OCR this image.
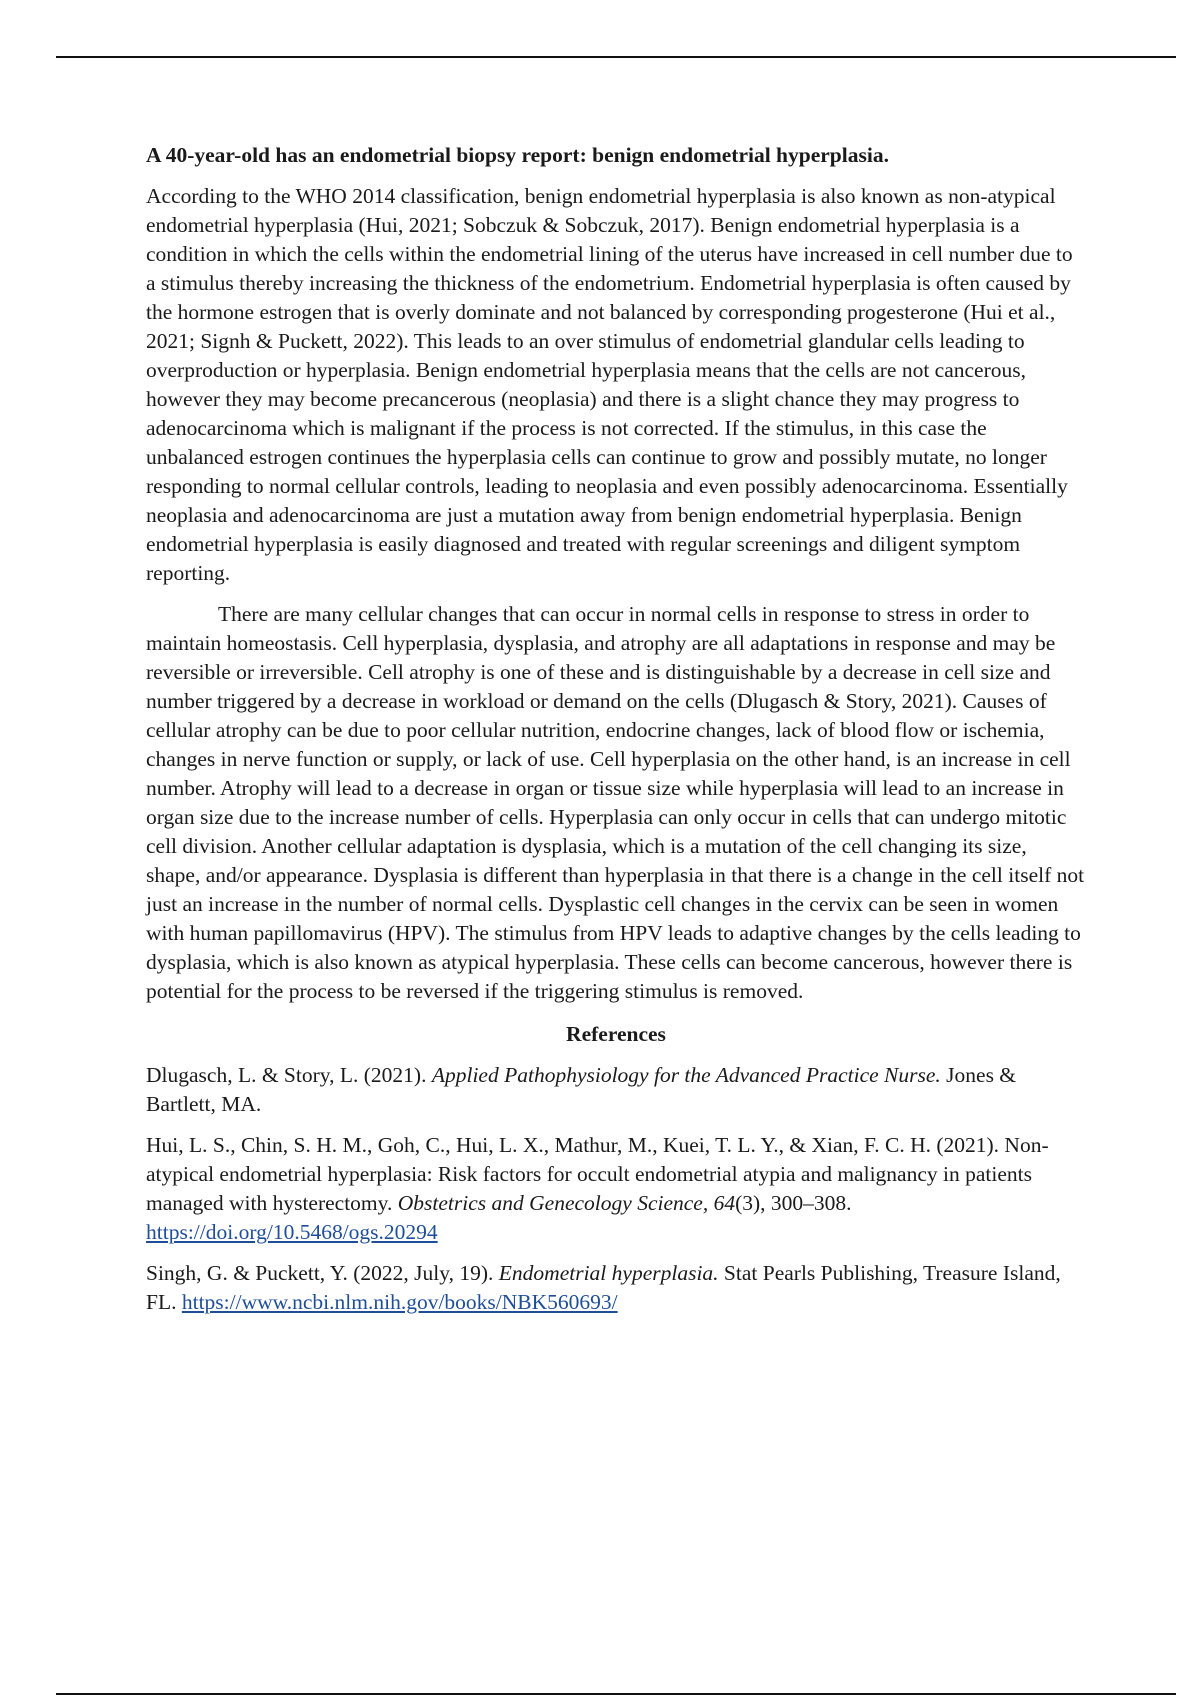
A 40-year-old has an endometrial biopsy report: benign endometrial hyperplasia.

According to the WHO 2014 classification, benign endometrial hyperplasia is also known as non-atypical endometrial hyperplasia (Hui, 2021; Sobczuk & Sobczuk, 2017). Benign endometrial hyperplasia is a condition in which the cells within the endometrial lining of the uterus have increased in cell number due to a stimulus thereby increasing the thickness of the endometrium. Endometrial hyperplasia is often caused by the hormone estrogen that is overly dominate and not balanced by corresponding progesterone (Hui et al., 2021; Signh & Puckett, 2022). This leads to an over stimulus of endometrial glandular cells leading to overproduction or hyperplasia. Benign endometrial hyperplasia means that the cells are not cancerous, however they may become precancerous (neoplasia) and there is a slight chance they may progress to adenocarcinoma which is malignant if the process is not corrected. If the stimulus, in this case the unbalanced estrogen continues the hyperplasia cells can continue to grow and possibly mutate, no longer responding to normal cellular controls, leading to neoplasia and even possibly adenocarcinoma. Essentially neoplasia and adenocarcinoma are just a mutation away from benign endometrial hyperplasia. Benign endometrial hyperplasia is easily diagnosed and treated with regular screenings and diligent symptom reporting.

There are many cellular changes that can occur in normal cells in response to stress in order to maintain homeostasis. Cell hyperplasia, dysplasia, and atrophy are all adaptations in response and may be reversible or irreversible. Cell atrophy is one of these and is distinguishable by a decrease in cell size and number triggered by a decrease in workload or demand on the cells (Dlugasch & Story, 2021). Causes of cellular atrophy can be due to poor cellular nutrition, endocrine changes, lack of blood flow or ischemia, changes in nerve function or supply, or lack of use. Cell hyperplasia on the other hand, is an increase in cell number. Atrophy will lead to a decrease in organ or tissue size while hyperplasia will lead to an increase in organ size due to the increase number of cells. Hyperplasia can only occur in cells that can undergo mitotic cell division. Another cellular adaptation is dysplasia, which is a mutation of the cell changing its size, shape, and/or appearance. Dysplasia is different than hyperplasia in that there is a change in the cell itself not just an increase in the number of normal cells. Dysplastic cell changes in the cervix can be seen in women with human papillomavirus (HPV). The stimulus from HPV leads to adaptive changes by the cells leading to dysplasia, which is also known as atypical hyperplasia. These cells can become cancerous, however there is potential for the process to be reversed if the triggering stimulus is removed.

References

Dlugasch, L. & Story, L. (2021). Applied Pathophysiology for the Advanced Practice Nurse. Jones & Bartlett, MA.

Hui, L. S., Chin, S. H. M., Goh, C., Hui, L. X., Mathur, M., Kuei, T. L. Y., & Xian, F. C. H. (2021). Non-atypical endometrial hyperplasia: Risk factors for occult endometrial atypia and malignancy in patients managed with hysterectomy. Obstetrics and Genecology Science, 64(3), 300–308. https://doi.org/10.5468/ogs.20294

Singh, G. & Puckett, Y. (2022, July, 19). Endometrial hyperplasia. Stat Pearls Publishing, Treasure Island, FL. https://www.ncbi.nlm.nih.gov/books/NBK560693/
